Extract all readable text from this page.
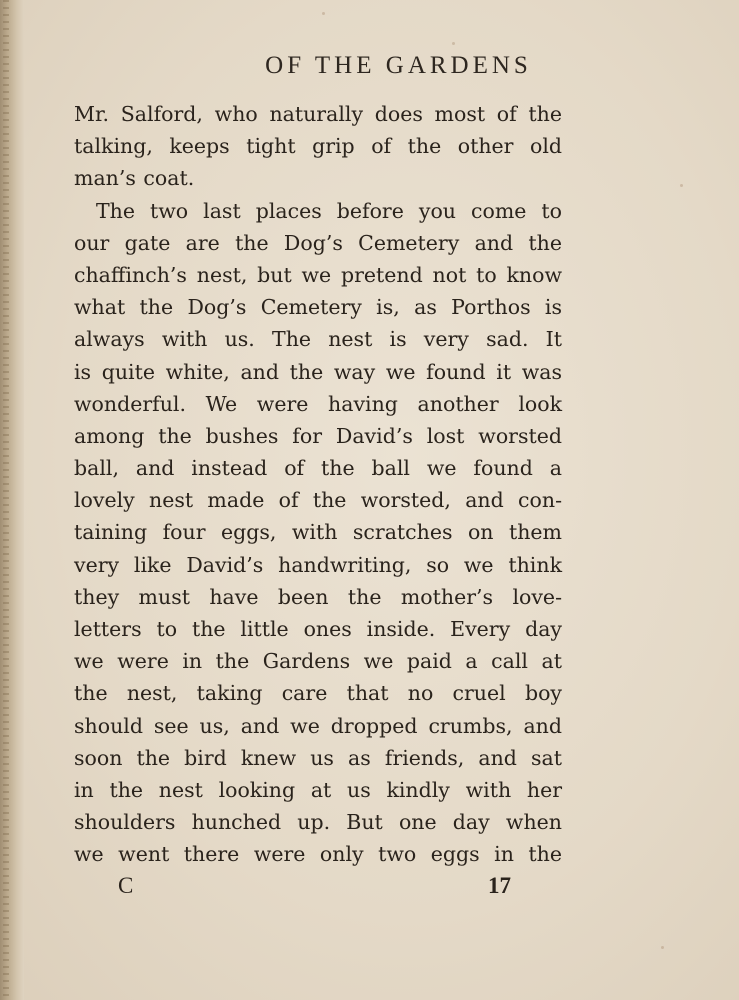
OF THE GARDENS
Mr. Salford, who naturally does most of the
talking, keeps tight grip of the other old
man’s coat.
The two last places before you come to
our gate are the Dog’s Cemetery and the
chaffinch’s nest, but we pretend not to know
what the Dog’s Cemetery is, as Porthos is
always with us. The nest is very sad. It
is quite white, and the way we found it was
wonderful. We were having another look
among the bushes for David’s lost worsted
ball, and instead of the ball we found a
lovely nest made of the worsted, and con-
taining four eggs, with scratches on them
very like David’s handwriting, so we think
they must have been the mother’s love-
letters to the little ones inside. Every day
we were in the Gardens we paid a call at
the nest, taking care that no cruel boy
should see us, and we dropped crumbs, and
soon the bird knew us as friends, and sat
in the nest looking at us kindly with her
shoulders hunched up. But one day when
we went there were only two eggs in the
C	17
